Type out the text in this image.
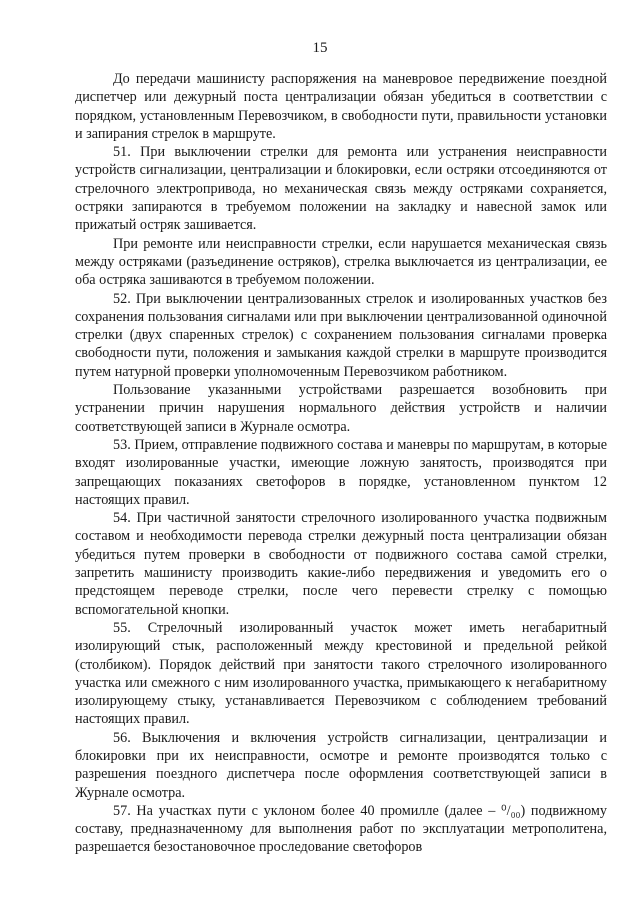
15

До передачи машинисту распоряжения на маневровое передвижение поездной диспетчер или дежурный поста централизации обязан убедиться в соответствии с порядком, установленным Перевозчиком, в свободности пути, правильности установки и запирания стрелок в маршруте.

51. При выключении стрелки для ремонта или устранения неисправности устройств сигнализации, централизации и блокировки, если остряки отсоединяются от стрелочного электропривода, но механическая связь между остряками сохраняется, остряки запираются в требуемом положении на закладку и навесной замок или прижатый остряк зашивается.

При ремонте или неисправности стрелки, если нарушается механическая связь между остряками (разъединение остряков), стрелка выключается из централизации, ее оба остряка зашиваются в требуемом положении.

52. При выключении централизованных стрелок и изолированных участков без сохранения пользования сигналами или при выключении централизованной одиночной стрелки (двух спаренных стрелок) с сохранением пользования сигналами проверка свободности пути, положения и замыкания каждой стрелки в маршруте производится путем натурной проверки уполномоченным Перевозчиком работником.

Пользование указанными устройствами разрешается возобновить при устранении причин нарушения нормального действия устройств и наличии соответствующей записи в Журнале осмотра.

53. Прием, отправление подвижного состава и маневры по маршрутам, в которые входят изолированные участки, имеющие ложную занятость, производятся при запрещающих показаниях светофоров в порядке, установленном пунктом 12 настоящих правил.

54. При частичной занятости стрелочного изолированного участка подвижным составом и необходимости перевода стрелки дежурный поста централизации обязан убедиться путем проверки в свободности от подвижного состава самой стрелки, запретить машинисту производить какие-либо передвижения и уведомить его о предстоящем переводе стрелки, после чего перевести стрелку с помощью вспомогательной кнопки.

55. Стрелочный изолированный участок может иметь негабаритный изолирующий стык, расположенный между крестовиной и предельной рейкой (столбиком). Порядок действий при занятости такого стрелочного изолированного участка или смежного с ним изолированного участка, примыкающего к негабаритному изолирующему стыку, устанавливается Перевозчиком с соблюдением требований настоящих правил.

56. Выключения и включения устройств сигнализации, централизации и блокировки при их неисправности, осмотре и ремонте производятся только с разрешения поездного диспетчера после оформления соответствующей записи в Журнале осмотра.

57. На участках пути с уклоном более 40 промилле (далее – ⁰/₀₀) подвижному составу, предназначенному для выполнения работ по эксплуатации метрополитена, разрешается безостановочное проследование светофоров
